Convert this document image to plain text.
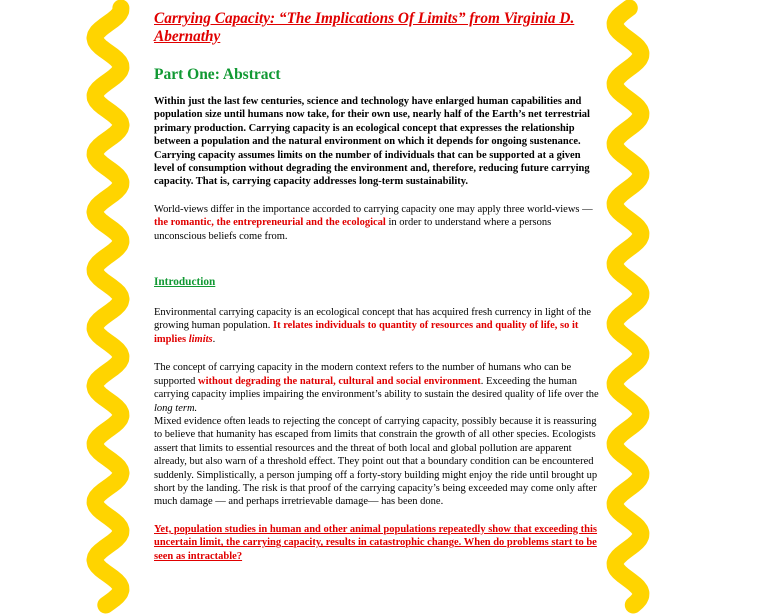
Carrying Capacity: “The Implications Of Limits” from Virginia D. Abernathy
Part One: Abstract

Within just the last few centuries, science and technology have enlarged human capabilities and population size until humans now take, for their own use, nearly half of the Earth’s net terrestrial primary production. Carrying capacity is an ecological concept that expresses the relationship between a population and the natural environment on which it depends for ongoing sustenance. Carrying capacity assumes limits on the number of individuals that can be supported at a given level of consumption without degrading the environment and, therefore, reducing future carrying capacity. That is, carrying capacity addresses long-term sustainability.

World-views differ in the importance accorded to carrying capacity one may apply three world-views — the romantic, the entrepreneurial and the ecological in order to understand where a persons unconscious beliefs come from.

Introduction

Environmental carrying capacity is an ecological concept that has acquired fresh currency in light of the growing human population. It relates individuals to quantity of resources and quality of life, so it implies limits.

The concept of carrying capacity in the modern context refers to the number of humans who can be supported without degrading the natural, cultural and social environment. Exceeding the human carrying capacity implies impairing the environment’s ability to sustain the desired quality of life over the long term.

Mixed evidence often leads to rejecting the concept of carrying capacity, possibly because it is reassuring to believe that humanity has escaped from limits that constrain the growth of all other species. Ecologists assert that limits to essential resources and the threat of both local and global pollution are apparent already, but also warn of a threshold effect. They point out that a boundary condition can be encountered suddenly. Simplistically, a person jumping off a forty-story building might enjoy the ride until brought up short by the landing. The risk is that proof of the carrying capacity’s being exceeded may come only after much damage — and perhaps irretrievable damage— has been done.

Yet, population studies in human and other animal populations repeatedly show that exceeding this uncertain limit, the carrying capacity, results in catastrophic change. When do problems start to be seen as intractable?
